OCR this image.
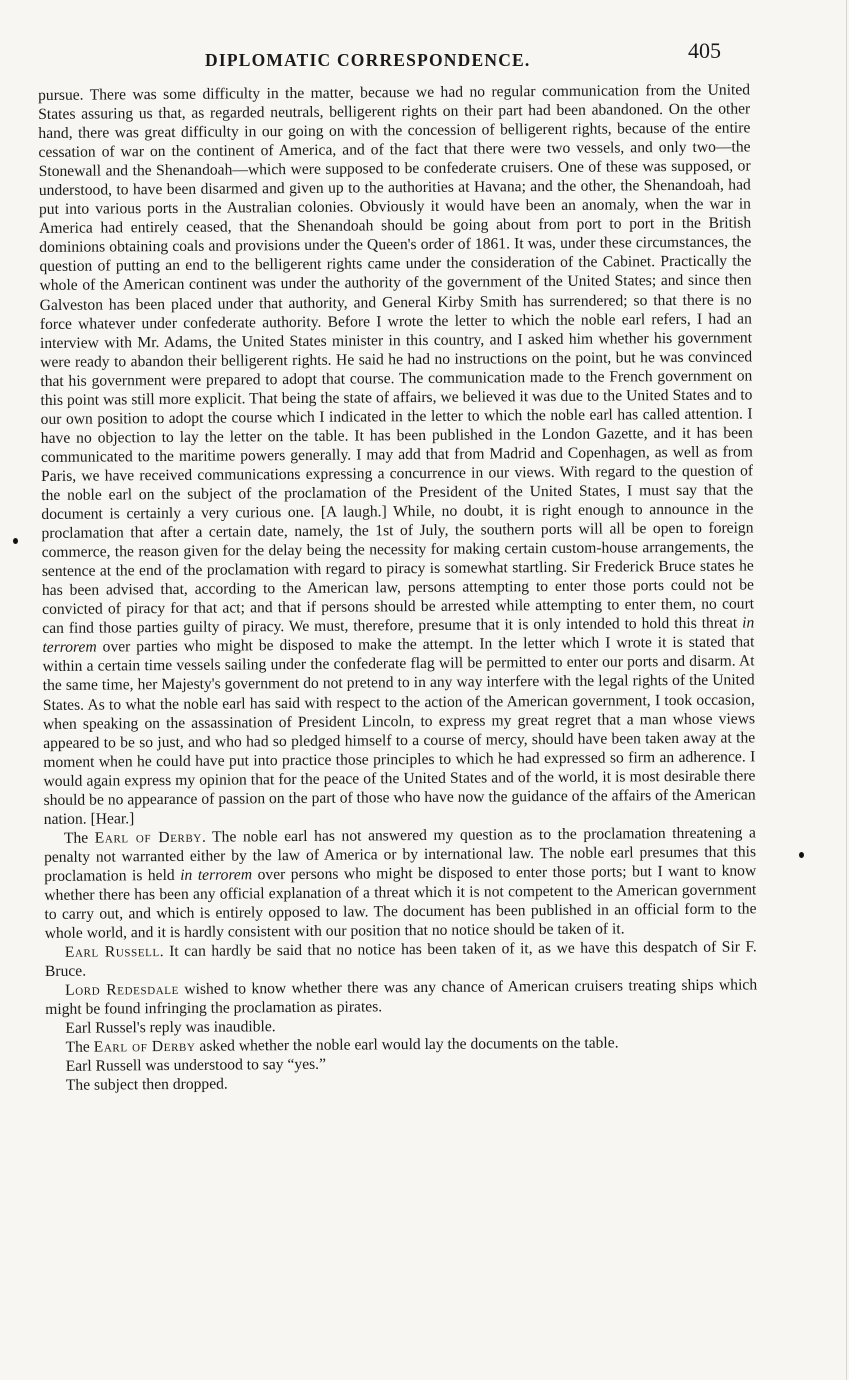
DIPLOMATIC CORRESPONDENCE.	405

pursue. There was some difficulty in the matter, because we had no regular communication from the United States assuring us that, as regarded neutrals, belligerent rights on their part had been abandoned. On the other hand, there was great difficulty in our going on with the concession of belligerent rights, because of the entire cessation of war on the continent of America, and of the fact that there were two vessels, and only two—the Stonewall and the Shenandoah—which were supposed to be confederate cruisers. One of these was supposed, or understood, to have been disarmed and given up to the authorities at Havana; and the other, the Shenandoah, had put into various ports in the Australian colonies. Obviously it would have been an anomaly, when the war in America had entirely ceased, that the Shenandoah should be going about from port to port in the British dominions obtaining coals and provisions under the Queen's order of 1861. It was, under these circumstances, the question of putting an end to the belligerent rights came under the consideration of the Cabinet. Practically the whole of the American continent was under the authority of the government of the United States; and since then Galveston has been placed under that authority, and General Kirby Smith has surrendered; so that there is no force whatever under confederate authority. Before I wrote the letter to which the noble earl refers, I had an interview with Mr. Adams, the United States minister in this country, and I asked him whether his government were ready to abandon their belligerent rights. He said he had no instructions on the point, but he was convinced that his government were prepared to adopt that course. The communication made to the French government on this point was still more explicit. That being the state of affairs, we believed it was due to the United States and to our own position to adopt the course which I indicated in the letter to which the noble earl has called attention. I have no objection to lay the letter on the table. It has been published in the London Gazette, and it has been communicated to the maritime powers generally. I may add that from Madrid and Copenhagen, as well as from Paris, we have received communications expressing a concurrence in our views. With regard to the question of the noble earl on the subject of the proclamation of the President of the United States, I must say that the document is certainly a very curious one. [A laugh.] While, no doubt, it is right enough to announce in the proclamation that after a certain date, namely, the 1st of July, the southern ports will all be open to foreign commerce, the reason given for the delay being the necessity for making certain custom-house arrangements, the sentence at the end of the proclamation with regard to piracy is somewhat startling. Sir Frederick Bruce states he has been advised that, according to the American law, persons attempting to enter those ports could not be convicted of piracy for that act; and that if persons should be arrested while attempting to enter them, no court can find those parties guilty of piracy. We must, therefore, presume that it is only intended to hold this threat in terrorem over parties who might be disposed to make the attempt. In the letter which I wrote it is stated that within a certain time vessels sailing under the confederate flag will be permitted to enter our ports and disarm. At the same time, her Majesty's government do not pretend to in any way interfere with the legal rights of the United States. As to what the noble earl has said with respect to the action of the American government, I took occasion, when speaking on the assassination of President Lincoln, to express my great regret that a man whose views appeared to be so just, and who had so pledged himself to a course of mercy, should have been taken away at the moment when he could have put into practice those principles to which he had expressed so firm an adherence. I would again express my opinion that for the peace of the United States and of the world, it is most desirable there should be no appearance of passion on the part of those who have now the guidance of the affairs of the American nation. [Hear.]

The Earl of Derby. The noble earl has not answered my question as to the proclamation threatening a penalty not warranted either by the law of America or by international law. The noble earl presumes that this proclamation is held in terrorem over persons who might be disposed to enter those ports; but I want to know whether there has been any official explanation of a threat which it is not competent to the American government to carry out, and which is entirely opposed to law. The document has been published in an official form to the whole world, and it is hardly consistent with our position that no notice should be taken of it.

Earl Russell. It can hardly be said that no notice has been taken of it, as we have this despatch of Sir F. Bruce.

Lord Redesdale wished to know whether there was any chance of American cruisers treating ships which might be found infringing the proclamation as pirates.

Earl Russel's reply was inaudible.

The Earl of Derby asked whether the noble earl would lay the documents on the table.

Earl Russell was understood to say “yes.”

The subject then dropped.
